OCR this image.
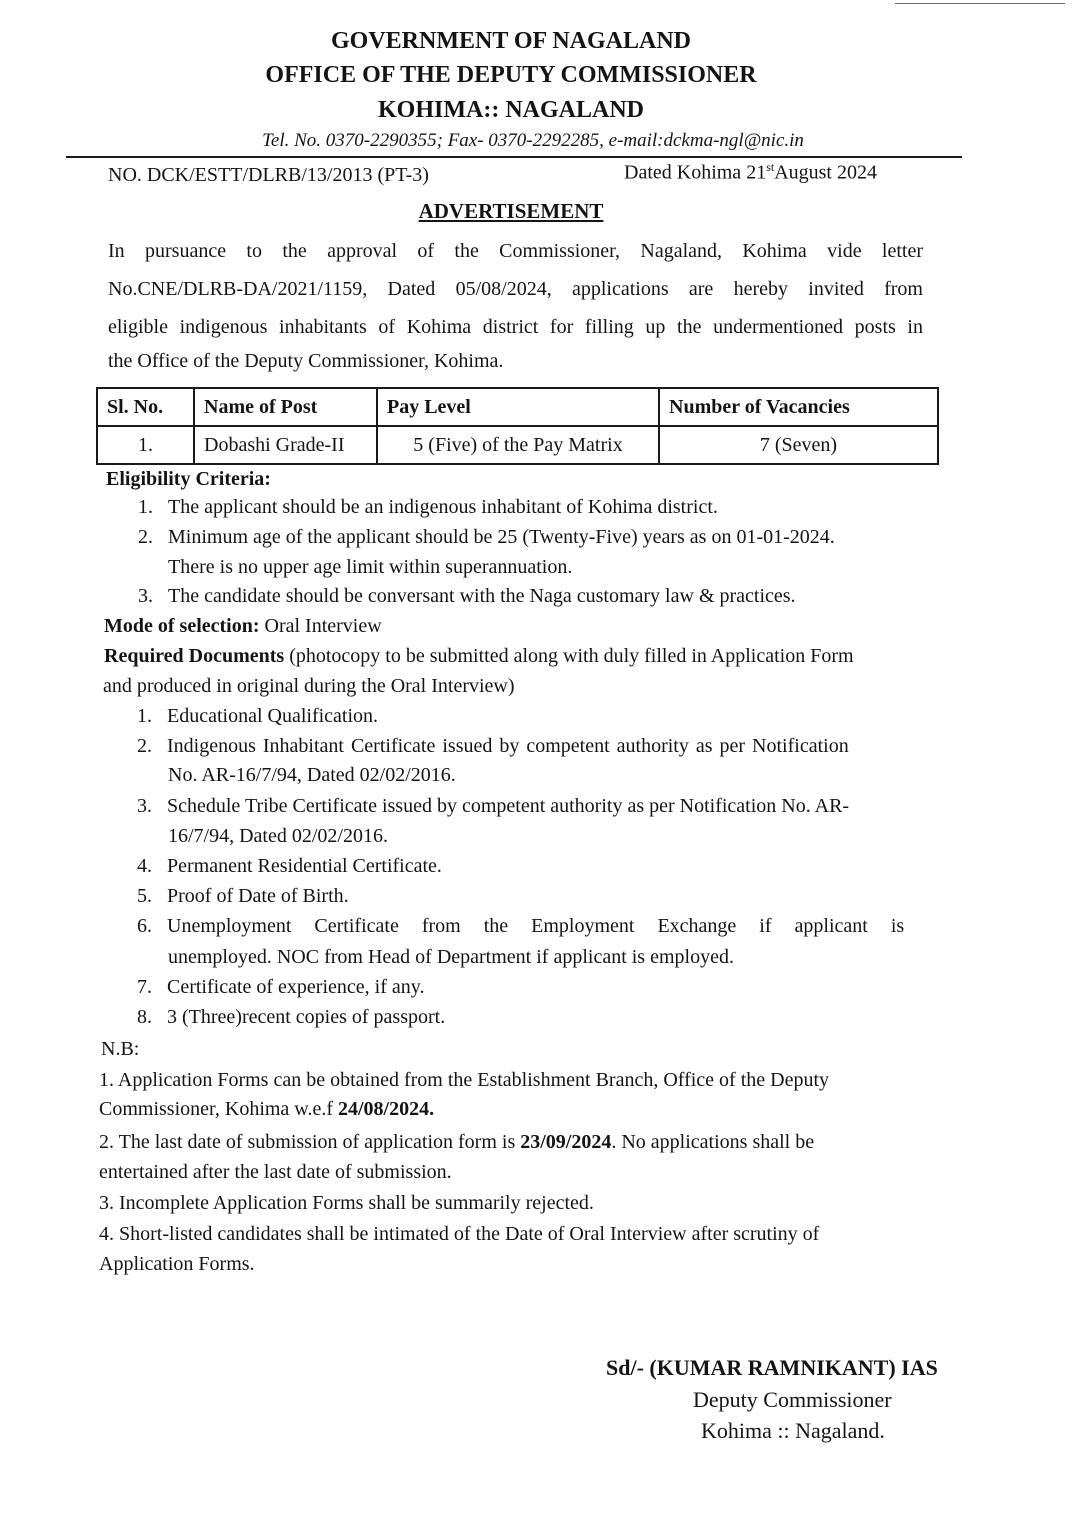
GOVERNMENT OF NAGALAND
OFFICE OF THE DEPUTY COMMISSIONER
KOHIMA:: NAGALAND
Tel. No. 0370-2290355; Fax- 0370-2292285, e-mail:dckma-ngl@nic.in
NO. DCK/ESTT/DLRB/13/2013 (PT-3)	Dated Kohima 21stAugust 2024
ADVERTISEMENT
In pursuance to the approval of the Commissioner, Nagaland, Kohima vide letter
No.CNE/DLRB-DA/2021/1159, Dated 05/08/2024, applications are hereby invited from
eligible indigenous inhabitants of Kohima district for filling up the undermentioned posts in
the Office of the Deputy Commissioner, Kohima.
Sl. No.	Name of Post	Pay Level	Number of Vacancies
1.	Dobashi Grade-II	5 (Five) of the Pay Matrix	7 (Seven)
Eligibility Criteria:
1. The applicant should be an indigenous inhabitant of Kohima district.
2. Minimum age of the applicant should be 25 (Twenty-Five) years as on 01-01-2024.
There is no upper age limit within superannuation.
3. The candidate should be conversant with the Naga customary law & practices.
Mode of selection: Oral Interview
Required Documents (photocopy to be submitted along with duly filled in Application Form
and produced in original during the Oral Interview)
1. Educational Qualification.
2. Indigenous Inhabitant Certificate issued by competent authority as per Notification
No. AR-16/7/94, Dated 02/02/2016.
3. Schedule Tribe Certificate issued by competent authority as per Notification No. AR-
16/7/94, Dated 02/02/2016.
4. Permanent Residential Certificate.
5. Proof of Date of Birth.
6. Unemployment Certificate from the Employment Exchange if applicant is
unemployed. NOC from Head of Department if applicant is employed.
7. Certificate of experience, if any.
8. 3 (Three)recent copies of passport.
N.B:
1. Application Forms can be obtained from the Establishment Branch, Office of the Deputy
Commissioner, Kohima w.e.f 24/08/2024.
2. The last date of submission of application form is 23/09/2024. No applications shall be
entertained after the last date of submission.
3. Incomplete Application Forms shall be summarily rejected.
4. Short-listed candidates shall be intimated of the Date of Oral Interview after scrutiny of
Application Forms.
Sd/- (KUMAR RAMNIKANT) IAS
Deputy Commissioner
Kohima :: Nagaland.
